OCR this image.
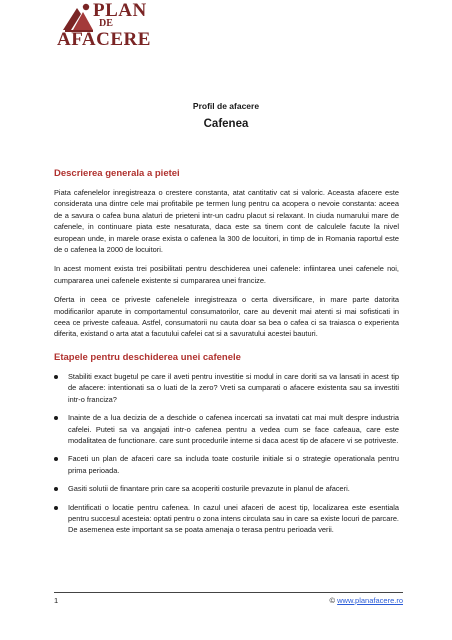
PLAN
DE
AFACERE
Profil de afacere
Cafenea
Descrierea generala a pietei

Piata cafenelelor inregistreaza o crestere constanta, atat cantitativ cat si valoric. Aceasta afacere este considerata una dintre cele mai profitabile pe termen lung pentru ca acopera o nevoie constanta: aceea de a savura o cafea buna alaturi de prieteni intr-un cadru placut si relaxant. In ciuda numarului mare de cafenele, in continuare piata este nesaturata, daca este sa tinem cont de calculele facute la nivel european unde, in marele orase exista o cafenea la 300 de locuitori, in timp de in Romania raportul este de o cafenea la 2000 de locuitori.

In acest moment exista trei posibilitati pentru deschiderea unei cafenele: infiintarea unei cafenele noi, cumpararea unei cafenele existente si cumpararea unei francize.

Oferta in ceea ce priveste cafenelele inregistreaza o certa diversificare, in mare parte datorita modificarilor aparute in comportamentul consumatorilor, care au devenit mai atenti si mai sofisticati in ceea ce priveste cafeaua. Astfel, consumatorii nu cauta doar sa bea o cafea ci sa traiasca o experienta diferita, existand o arta atat a facutului cafelei cat si a savuratului acestei bauturi.

Etapele pentru deschiderea unei cafenele
Stabiliti exact bugetul pe care il aveti pentru investitie si modul in care doriti sa va lansati in acest tip de afacere: intentionati sa o luati de la zero? Vreti sa cumparati o afacere existenta sau sa investiti intr-o franciza?
Inainte de a lua decizia de a deschide o cafenea incercati sa invatati cat mai mult despre industria cafelei. Puteti sa va angajati intr-o cafenea pentru a vedea cum se face cafeaua, care este modalitatea de functionare. care sunt procedurile interne si daca acest tip de afacere vi se potriveste.
Faceti un plan de afaceri care sa includa toate costurile initiale si o strategie operationala pentru prima perioada.
Gasiti solutii de finantare prin care sa acoperiti costurile prevazute in planul de afaceri.
Identificati o locatie pentru cafenea. In cazul unei afaceri de acest tip, localizarea este esentiala pentru succesul acesteia: optati pentru o zona intens circulata sau in care sa existe locuri de parcare. De asemenea este important sa se poata amenaja o terasa pentru perioada verii.
1	© www.planafacere.ro
